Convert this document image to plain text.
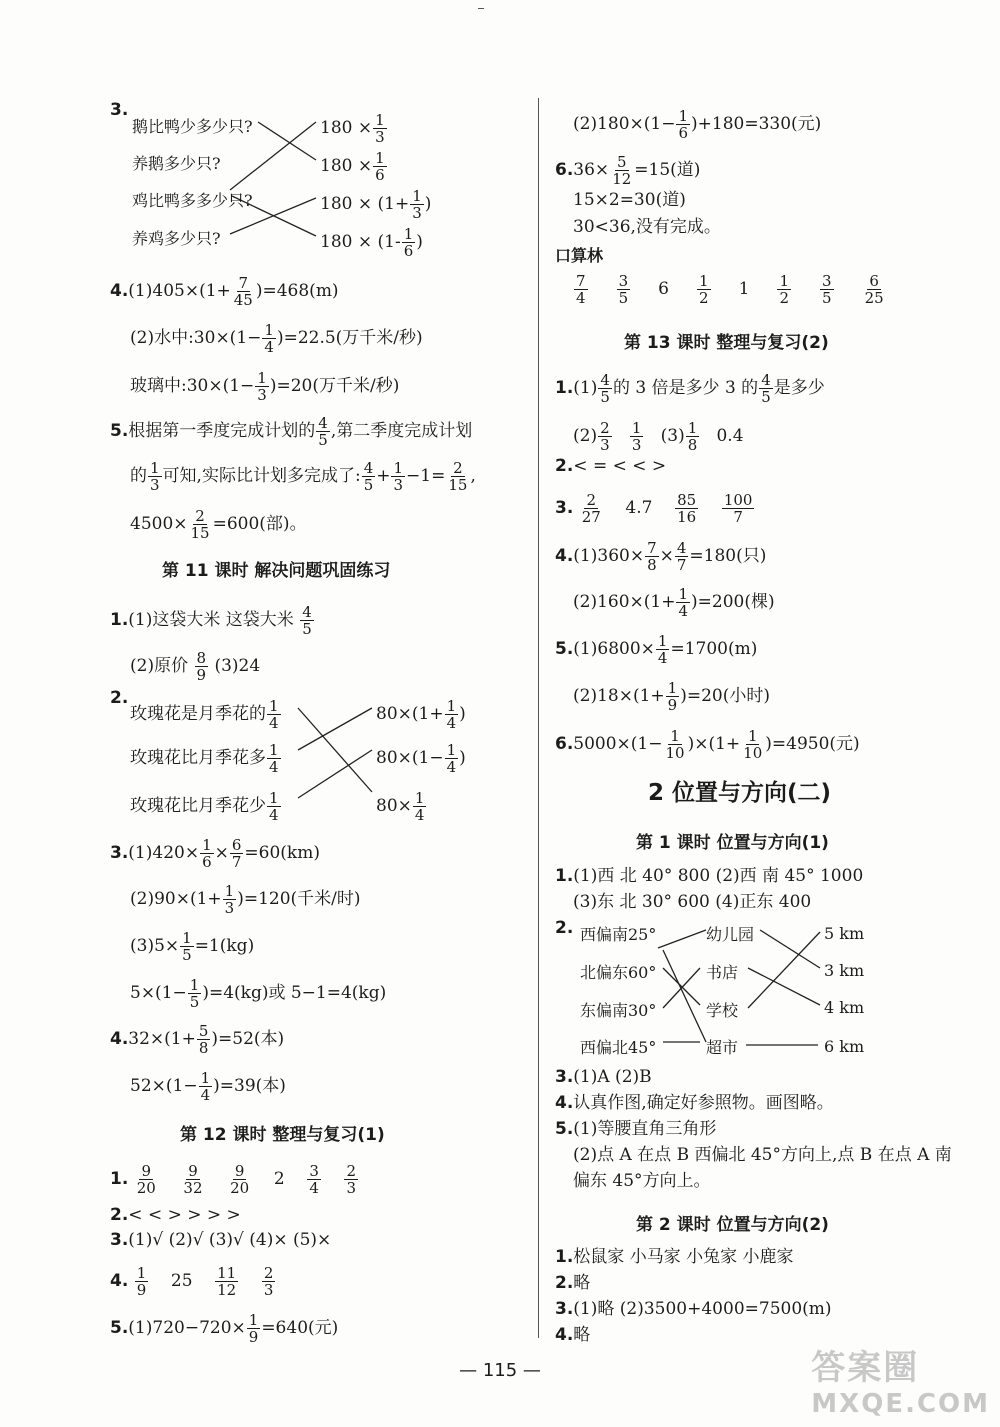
3.
鹅比鸭少多少只?
养鹅多少只?
鸡比鸭多多少只?
养鸡多少只?
$180 \times \frac{1}{3}$
$180 \times \frac{1}{6}$
$180 \times (1+ \frac{1}{3}$ )
$180 \times (1- \frac{1}{6}$ )
$4.(1)405\times(1+ \frac{7}{45} )=468(m)$
(2)水中:30×(1− $\frac{1}{4} )=22.5$(万千米/秒)
玻璃中:30×(1− $\frac{1}{3} )=20$(万千米/秒)
5.根据第一季度完成计划的 $\frac{4}{5}$ ,第二季度完成计划
的 $\frac{1}{3}$ 可知,实际比计划多完成了: $\frac{4}{5} + \frac{1}{3} -1= \frac{2}{15}$ ,
$4500\times \frac{2}{15} =600$(部)。
第 11 课时 解决问题巩固练习
1.(1)这袋大米 这袋大米 $\frac{4}{5}$
(2)原价 $\frac{8}{9} (3)24$
2.
玫瑰花是月季花的 $\frac{1}{4}$
玫瑰花比月季花多 $\frac{1}{4}$
玫瑰花比月季花少 $\frac{1}{4}$
$80\times(1+ \frac{1}{4}$ )
$80\times(1- \frac{1}{4}$ )
$80\times \frac{1}{4}$
$3.(1)420\times \frac{1}{6} \times \frac{6}{7} =60(km)$
$(2)90\times(1+ \frac{1}{3} )=120$(千米/时)
$(3)5\times \frac{1}{5} =1(kg)$
$5\times(1- \frac{1}{5} )=4(kg)$或 5−1=4(kg)
$4.32\times(1+ \frac{5}{8} )=52$(本)
$52\times(1- \frac{1}{4} )=39$(本)
第 12 课时 整理与复习(1)
1. $\frac{9}{20}$
$\frac{9}{32}$
$\frac{9}{20} 2 \frac{3}{4}$
$\frac{2}{3}$
2.< < > > > >
3.(1)√ (2)√ (3)√ (4)× (5)×
4. $\frac{1}{9} 25 \frac{11}{12}$
$\frac{2}{3}$
$5.(1)720-720\times \frac{1}{9} =640$(元)
$(2)180\times(1- \frac{1}{6} )+180=330$(元)
$6.36\times \frac{5}{12} =15$(道)
15×2=30(道)
30<36,没有完成。
口算林
$\frac{7}{4}$
$\frac{3}{5} 6 \frac{1}{2} 1 \frac{1}{2}$
$\frac{3}{5}$
$\frac{6}{25}$
第 13 课时 整理与复习(2)
$1.(1) \frac{4}{5}$ 的 3 倍是多少 3 的 $\frac{4}{5}$ 是多少
$(2) \frac{2}{3}$
$\frac{1}{3} (3) \frac{1}{8} 0.4$
2.< = < < >
3. $\frac{2}{27} 4.7 \frac{85}{16}$
$\frac{100}{7}$
$4.(1)360\times \frac{7}{8} \times \frac{4}{7} =180$(只)
$(2)160\times(1+ \frac{1}{4} )=200$(棵)
$5.(1)6800\times \frac{1}{4} =1700(m)$
$(2)18\times(1+ \frac{1}{9} )=20$(小时)
$6.5000\times(1- \frac{1}{10} )\times(1+ \frac{1}{10} )=4950$(元)
2 位置与方向(二)
第 1 课时 位置与方向(1)
1.(1)西 北 40° 800 (2)西 南 45° 1000
(3)东 北 30° 600 (4)正东 400
2. 西偏南25°
北偏东60°
东偏南30°
西偏北45°
幼儿园
书店
学校
超市
5 km
3 km
4 km
6 km
3.(1)A (2)B
4.认真作图,确定好参照物。画图略。
5.(1)等腰直角三角形
(2)点 A 在点 B 西偏北 45°方向上,点 B 在点 A 南
偏东 45°方向上。
第 2 课时 位置与方向(2)
1.松鼠家 小马家 小兔家 小鹿家
2.略
3.(1)略 (2)3500+4000=7500(m)
4.略
— 115 —	答案圈
MXQE.COM
